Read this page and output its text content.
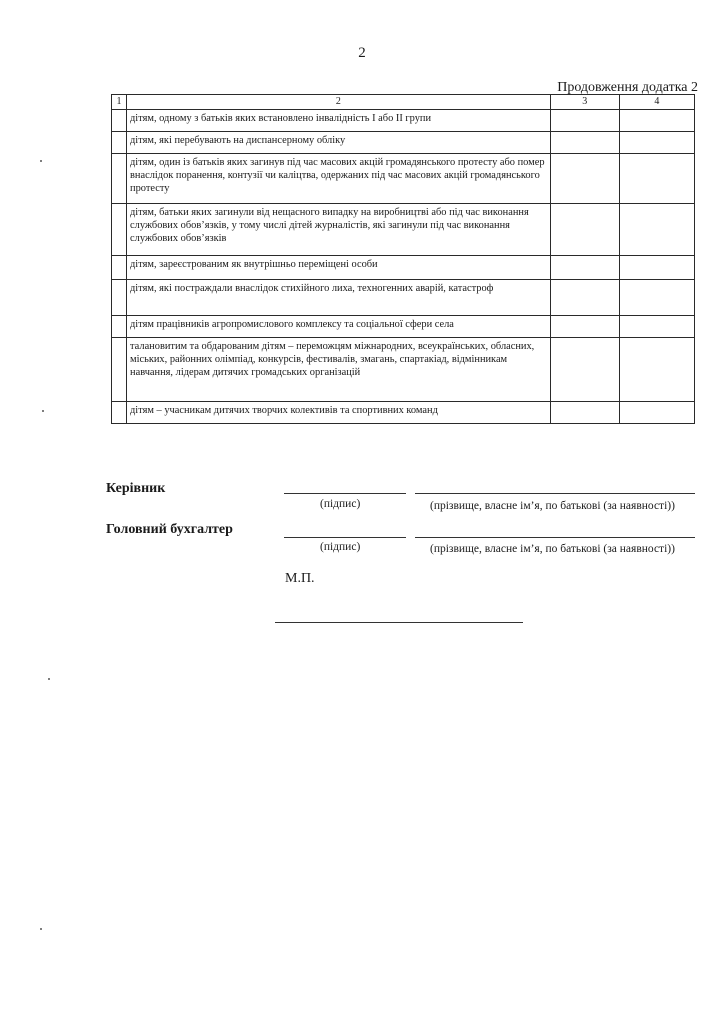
2
Продовження додатка 2
1	2	3	4
	дітям, одному з батьків яких встановлено інвалідність І або ІІ групи		
	дітям, які перебувають на диспансерному обліку		
	дітям, один із батьків яких загинув під час масових акцій громадянського протесту або помер внаслідок поранення, контузії чи каліцтва, одержаних під час масових акцій громадянського протесту		
	дітям, батьки яких загинули від нещасного випадку на виробництві або під час виконання службових обов’язків, у тому числі дітей журналістів, які загинули під час виконання службових обов’язків		
	дітям, зареєстрованим як внутрішньо переміщені особи		
	дітям, які постраждали внаслідок стихійного лиха, техногенних аварій, катастроф		
	дітям працівників агропромислового комплексу та соціальної сфери села		
	талановитим та обдарованим дітям – переможцям міжнародних, всеукраїнських, обласних, міських, районних олімпіад, конкурсів, фестивалів, змагань, спартакіад, відмінникам навчання, лідерам дитячих громадських організацій		
	дітям – учасникам дитячих творчих колективів та спортивних команд		
Керівник
(підпис)	(прізвище, власне ім’я, по батькові (за наявності))
Головний бухгалтер
(підпис)	(прізвище, власне ім’я, по батькові (за наявності))
М.П.
